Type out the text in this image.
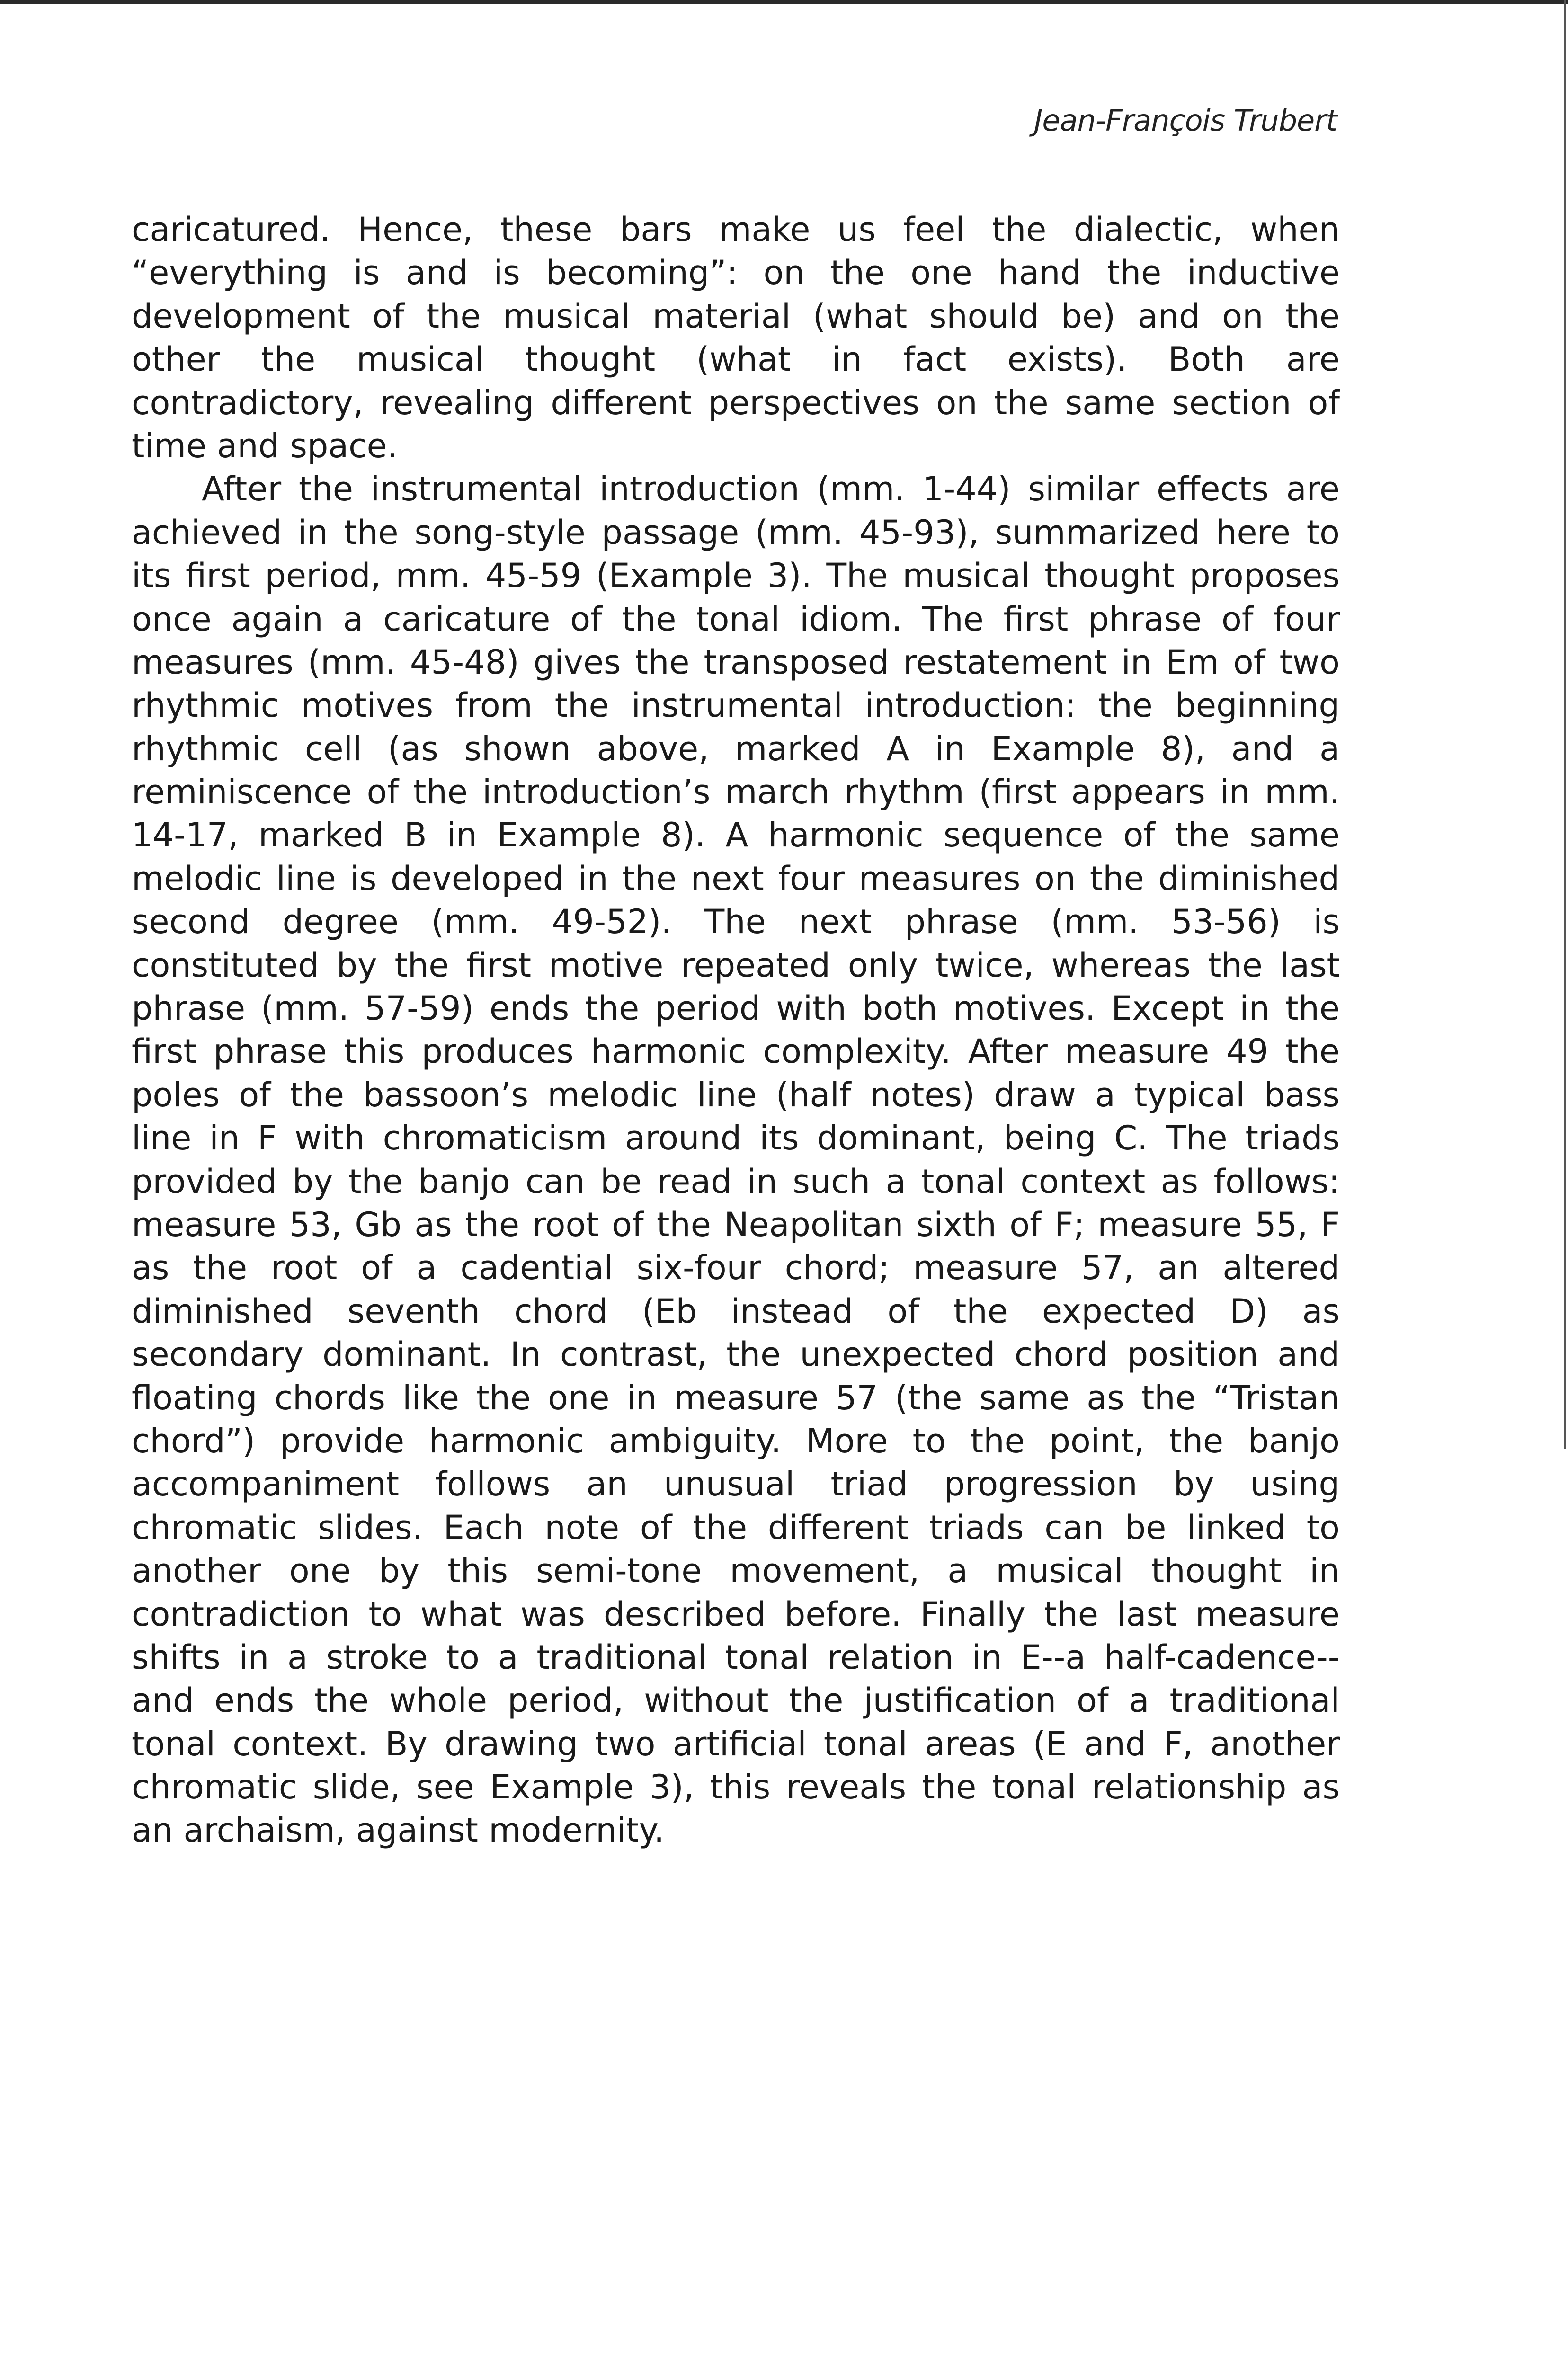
Jean-François Trubert
caricatured. Hence, these bars make us feel the dialectic, when
“everything is and is becoming”: on the one hand the inductive
development of the musical material (what should be) and on the
other the musical thought (what in fact exists). Both are
contradictory, revealing different perspectives on the same section of
time and space.
After the instrumental introduction (mm. 1-44) similar effects are
achieved in the song-style passage (mm. 45-93), summarized here to
its first period, mm. 45-59 (Example 3). The musical thought proposes
once again a caricature of the tonal idiom. The first phrase of four
measures (mm. 45-48) gives the transposed restatement in Em of two
rhythmic motives from the instrumental introduction: the beginning
rhythmic cell (as shown above, marked A in Example 8), and a
reminiscence of the introduction’s march rhythm (first appears in mm.
14-17, marked B in Example 8). A harmonic sequence of the same
melodic line is developed in the next four measures on the diminished
second degree (mm. 49-52). The next phrase (mm. 53-56) is
constituted by the first motive repeated only twice, whereas the last
phrase (mm. 57-59) ends the period with both motives. Except in the
first phrase this produces harmonic complexity. After measure 49 the
poles of the bassoon’s melodic line (half notes) draw a typical bass
line in F with chromaticism around its dominant, being C. The triads
provided by the banjo can be read in such a tonal context as follows:
measure 53, Gb as the root of the Neapolitan sixth of F; measure 55, F
as the root of a cadential six-four chord; measure 57, an altered
diminished seventh chord (Eb instead of the expected D) as
secondary dominant. In contrast, the unexpected chord position and
floating chords like the one in measure 57 (the same as the “Tristan
chord”) provide harmonic ambiguity. More to the point, the banjo
accompaniment follows an unusual triad progression by using
chromatic slides. Each note of the different triads can be linked to
another one by this semi-tone movement, a musical thought in
contradiction to what was described before. Finally the last measure
shifts in a stroke to a traditional tonal relation in E--a half-cadence--
and ends the whole period, without the justification of a traditional
tonal context. By drawing two artificial tonal areas (E and F, another
chromatic slide, see Example 3), this reveals the tonal relationship as
an archaism, against modernity.
